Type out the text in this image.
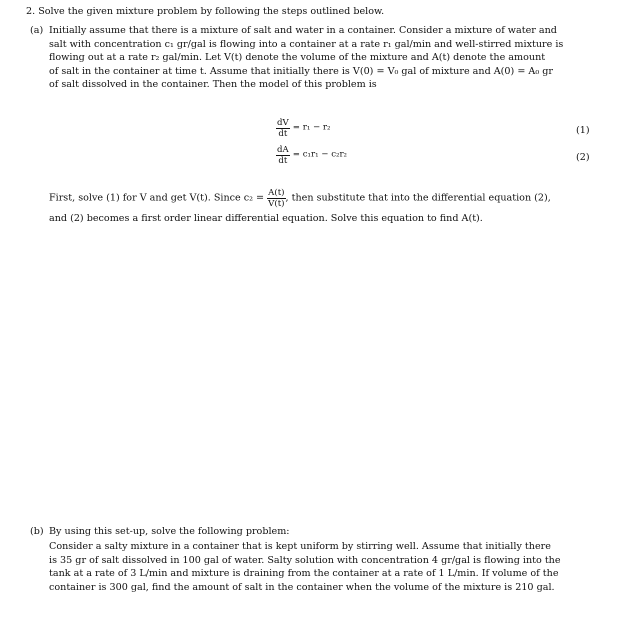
2. Solve the given mixture problem by following the steps outlined below.
(a) Initially assume that there is a mixture of salt and water in a container. Consider a mixture of water and
salt with concentration c₁ gr/gal is flowing into a container at a rate r₁ gal/min and well-stirred mixture is
flowing out at a rate r₂ gal/min. Let V(t) denote the volume of the mixture and A(t) denote the amount
of salt in the container at time t. Assume that initially there is V(0) = V₀ gal of mixture and A(0) = A₀ gr
of salt dissolved in the container. Then the model of this problem is
$\frac{dV}{dt} = r_1 - r_2$	(1)
$\frac{dA}{dt} = c_1r_1 - c_2r_2$	(2)
First, solve (1) for V and get V(t). Since $c_2 = \frac{A(t)}{V(t)}$ , then substitute that into the differential equation (2),
and (2) becomes a first order linear differential equation. Solve this equation to find A(t).
(b) By using this set-up, solve the following problem:
Consider a salty mixture in a container that is kept uniform by stirring well. Assume that initially there
is 35 gr of salt dissolved in 100 gal of water. Salty solution with concentration 4 gr/gal is flowing into the
tank at a rate of 3 L/min and mixture is draining from the container at a rate of 1 L/min. If volume of the
container is 300 gal, find the amount of salt in the container when the volume of the mixture is 210 gal.
